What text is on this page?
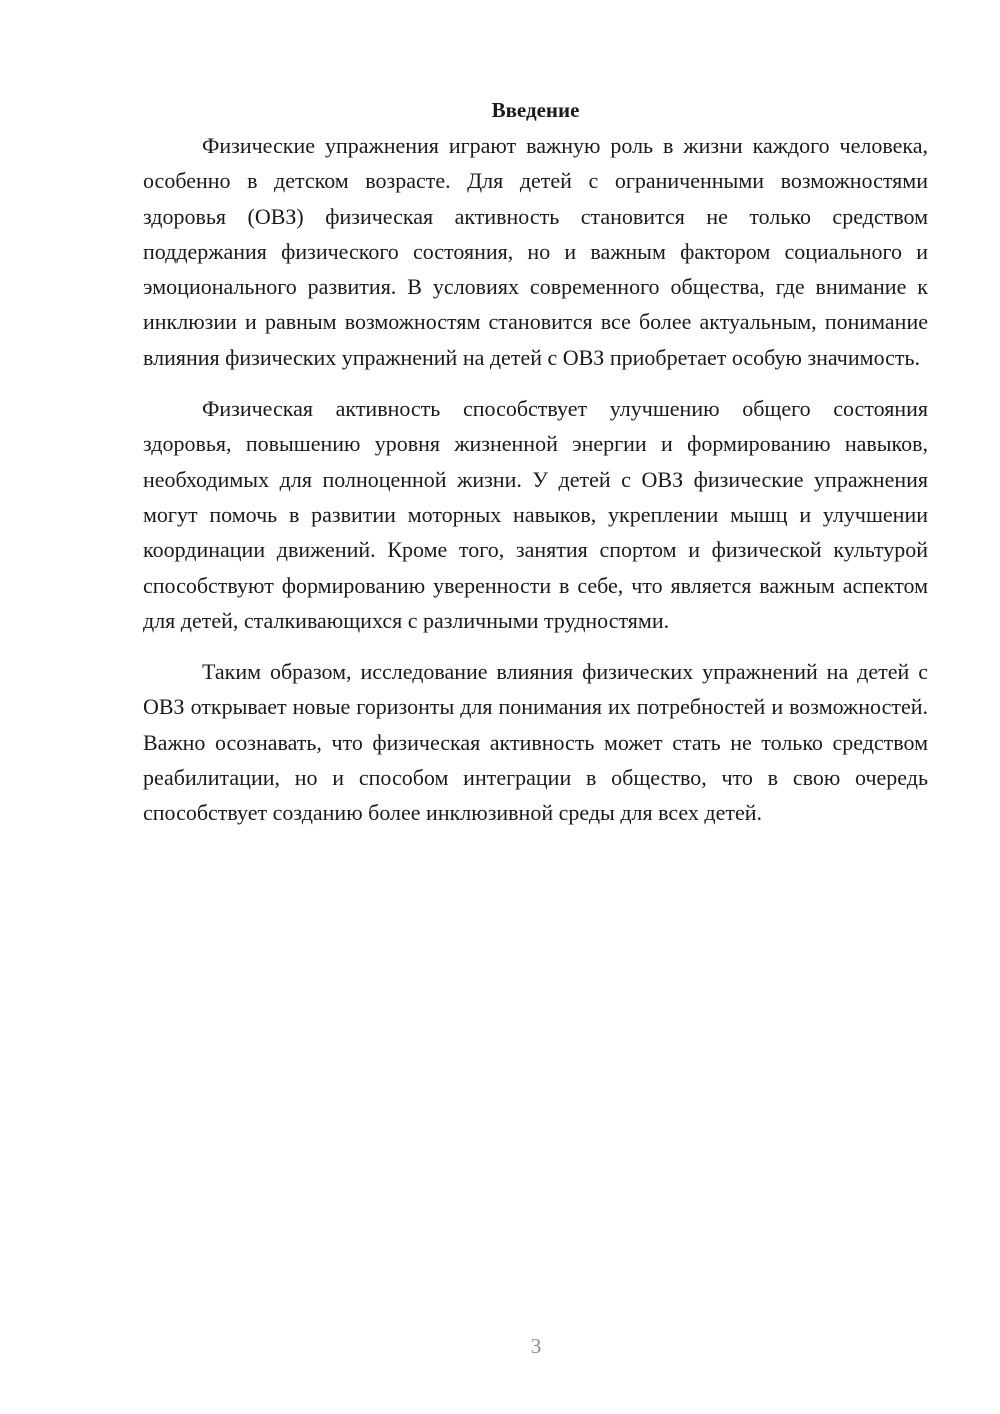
Введение

Физические упражнения играют важную роль в жизни каждого человека, особенно в детском возрасте. Для детей с ограниченными возможностями здоровья (ОВЗ) физическая активность становится не только средством поддержания физического состояния, но и важным фактором социального и эмоционального развития. В условиях современного общества, где внимание к инклюзии и равным возможностям становится все более актуальным, понимание влияния физических упражнений на детей с ОВЗ приобретает особую значимость.

Физическая активность способствует улучшению общего состояния здоровья, повышению уровня жизненной энергии и формированию навыков, необходимых для полноценной жизни. У детей с ОВЗ физические упражнения могут помочь в развитии моторных навыков, укреплении мышц и улучшении координации движений. Кроме того, занятия спортом и физической культурой способствуют формированию уверенности в себе, что является важным аспектом для детей, сталкивающихся с различными трудностями.

Таким образом, исследование влияния физических упражнений на детей с ОВЗ открывает новые горизонты для понимания их потребностей и возможностей. Важно осознавать, что физическая активность может стать не только средством реабилитации, но и способом интеграции в общество, что в свою очередь способствует созданию более инклюзивной среды для всех детей.

3
